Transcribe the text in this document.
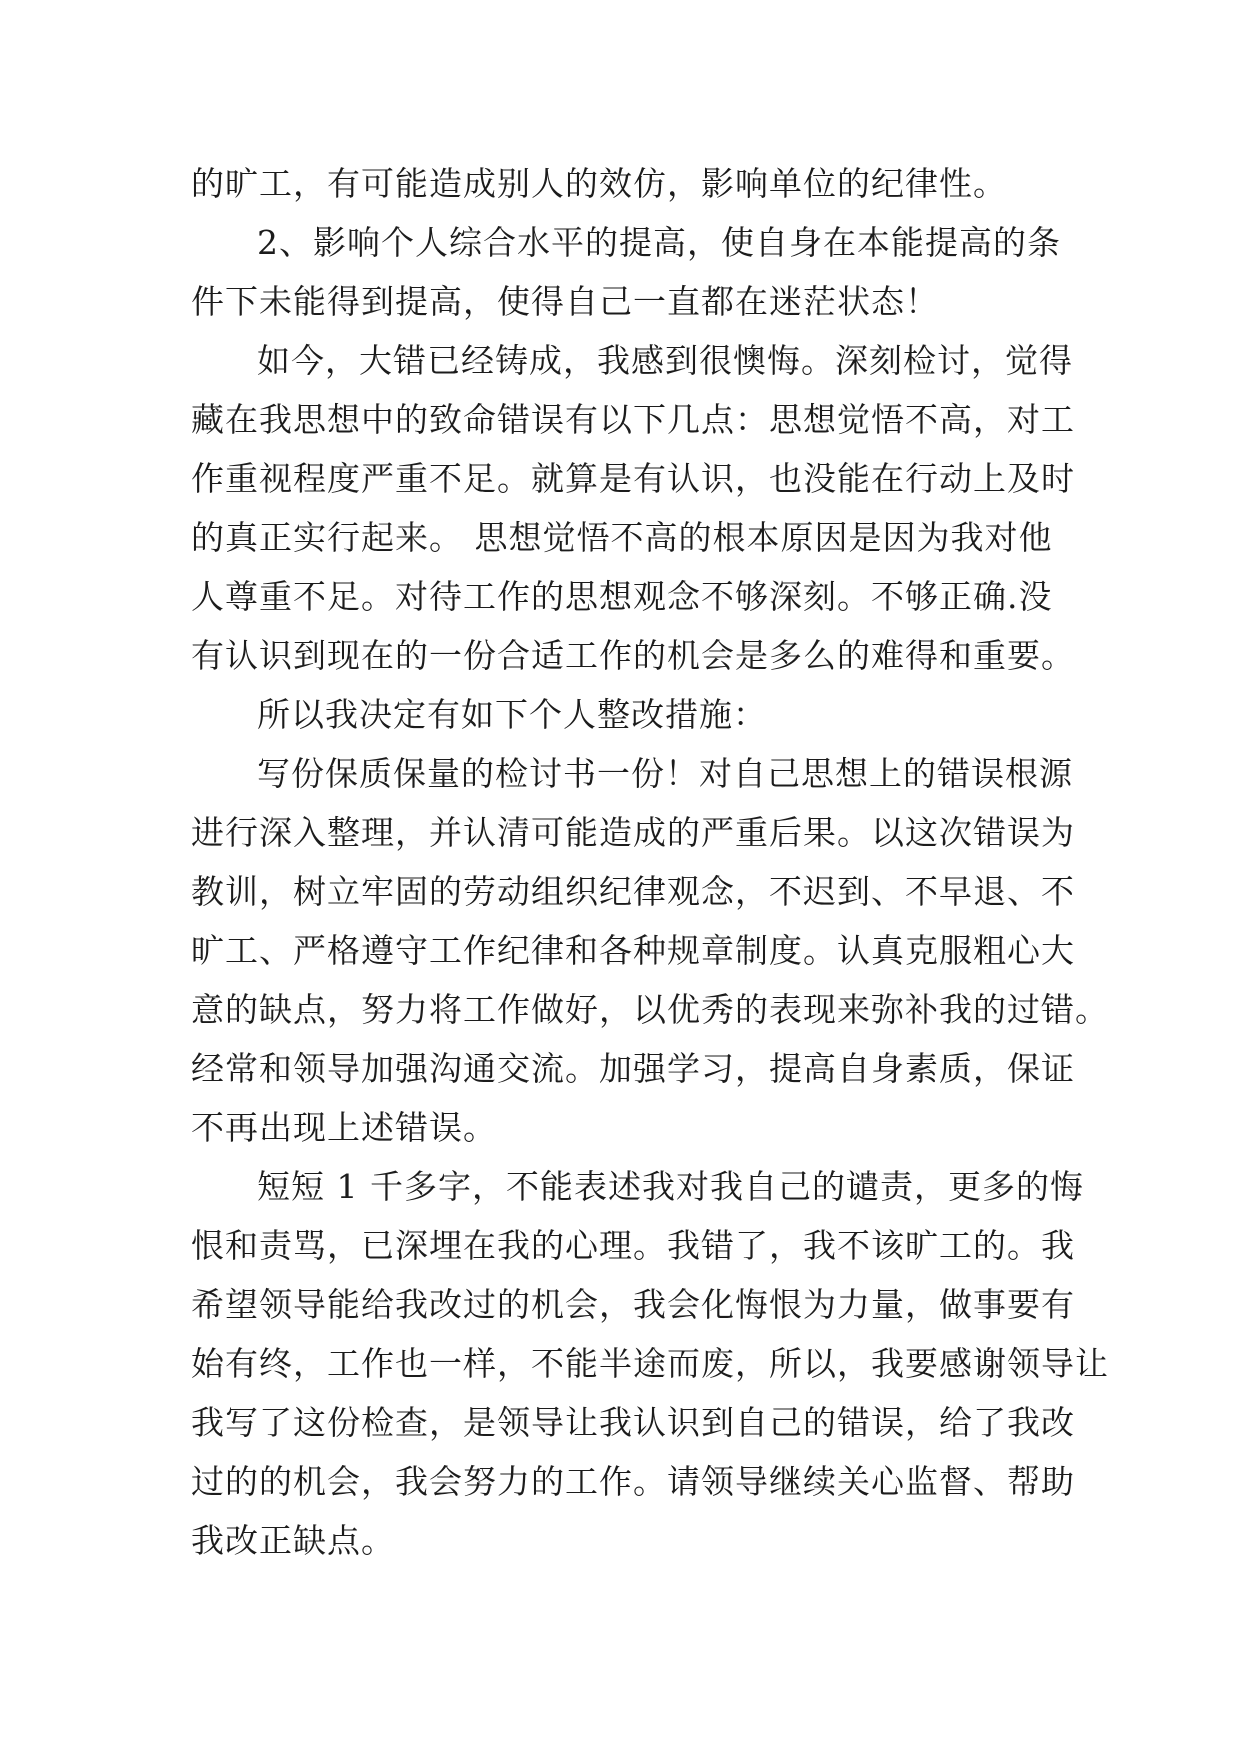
的旷工，有可能造成别人的效仿，影响单位的纪律性。
2、影响个人综合水平的提高，使自身在本能提高的条
件下未能得到提高，使得自己一直都在迷茫状态！
如今，大错已经铸成，我感到很懊悔。深刻检讨，觉得
藏在我思想中的致命错误有以下几点：思想觉悟不高，对工
作重视程度严重不足。就算是有认识，也没能在行动上及时
的真正实行起来。 思想觉悟不高的根本原因是因为我对他
人尊重不足。对待工作的思想观念不够深刻。不够正确.没
有认识到现在的一份合适工作的机会是多么的难得和重要。
所以我决定有如下个人整改措施：
写份保质保量的检讨书一份！对自己思想上的错误根源
进行深入整理，并认清可能造成的严重后果。以这次错误为
教训，树立牢固的劳动组织纪律观念，不迟到、不早退、不
旷工、严格遵守工作纪律和各种规章制度。认真克服粗心大
意的缺点，努力将工作做好，以优秀的表现来弥补我的过错。
经常和领导加强沟通交流。加强学习，提高自身素质，保证
不再出现上述错误。
短短 1 千多字，不能表述我对我自己的谴责，更多的悔
恨和责骂，已深埋在我的心理。我错了，我不该旷工的。我
希望领导能给我改过的机会，我会化悔恨为力量，做事要有
始有终，工作也一样，不能半途而废，所以，我要感谢领导让
我写了这份检查，是领导让我认识到自己的错误，给了我改
过的的机会，我会努力的工作。请领导继续关心监督、帮助
我改正缺点。
